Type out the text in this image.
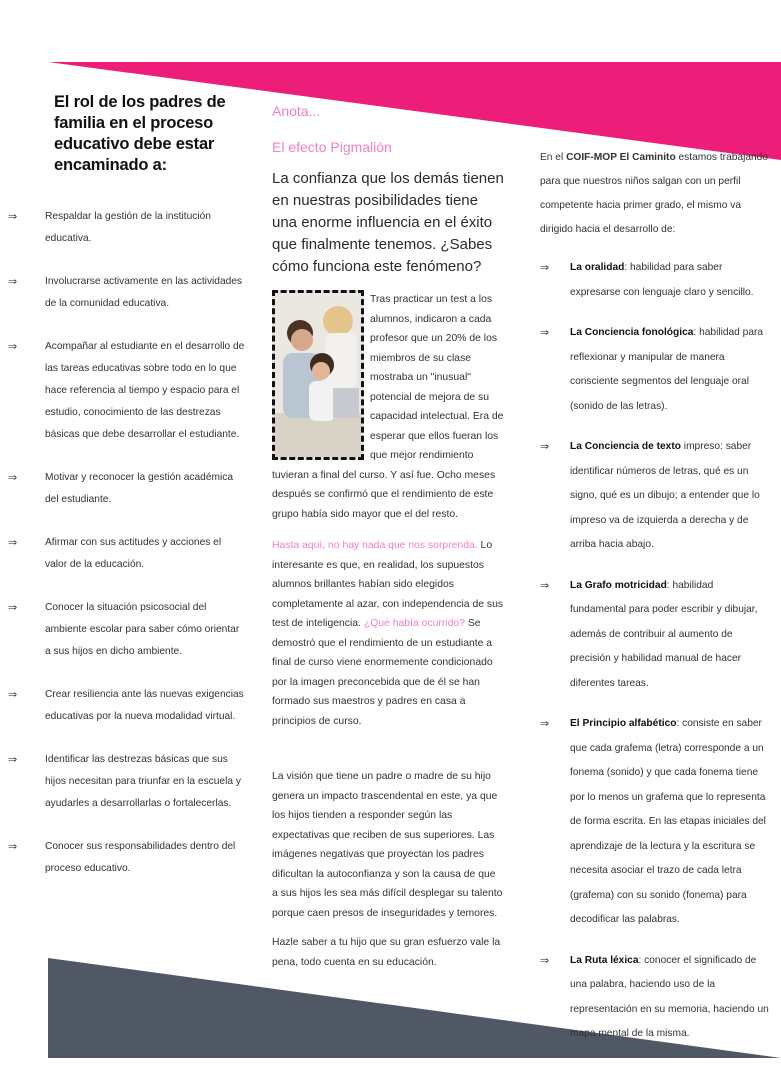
El rol de los padres de familia en el proceso educativo debe estar encaminado a:
⇒	Respaldar la gestión de la institución educativa.
⇒	Involucrarse activamente en las actividades de la comunidad educativa.
⇒	Acompañar al estudiante en el desarrollo de las tareas educativas sobre todo en lo que hace referencia al tiempo y espacio para el estudio, conocimiento de las destrezas básicas que debe desarrollar el estudiante.
⇒	Motivar y reconocer la gestión académica del estudiante.
⇒	Afirmar con sus actitudes y acciones el valor de la educación.
⇒	Conocer la situación psicosocial del ambiente escolar para saber cómo orientar a sus hijos en dicho ambiente.
⇒	Crear resiliencia ante las nuevas exigencias educativas por la nueva modalidad virtual.
⇒	Identificar las destrezas básicas que sus hijos necesitan para triunfar en la escuela y ayudarles a desarrollarlas o fortalecerlas.
⇒	Conocer sus responsabilidades dentro del proceso educativo.

Anota...

El efecto Pigmalión

La confianza que los demás tienen en nuestras posibilidades tiene una enorme influencia en el éxito que finalmente tenemos. ¿Sabes cómo funciona este fenómeno?

Tras practicar un test a los alumnos, indicaron a cada profesor que un 20% de los miembros de su clase mostraba un "inusual" potencial de mejora de su capacidad intelectual. Era de esperar que ellos fueran los que mejor rendimiento tuvieran a final del curso. Y así fue. Ocho meses después se confirmó que el rendimiento de este grupo había sido mayor que el del resto.

Hasta aquí, no hay nada que nos sorprenda. Lo interesante es que, en realidad, los supuestos alumnos brillantes habían sido elegidos completamente al azar, con independencia de sus test de inteligencia. ¿Qué había ocurrido? Se demostró que el rendimiento de un estudiante a final de curso viene enormemente condicionado por la imagen preconcebida que de él se han formado sus maestros y padres en casa a principios de curso.

La visión que tiene un padre o madre de su hijo genera un impacto trascendental en este, ya que los hijos tienden a responder según las expectativas que reciben de sus superiores. Las imágenes negativas que proyectan los padres dificultan la autoconfianza y son la causa de que a sus hijos les sea más difícil desplegar su talento porque caen presos de inseguridades y temores.

Hazle saber a tu hijo que su gran esfuerzo vale la pena, todo cuenta en su educación.

En el COIF-MOP El Caminito estamos trabajando para que nuestros niños salgan con un perfil competente hacia primer grado, el mismo va dirigido hacia el desarrollo de:

⇒ La oralidad: habilidad para saber expresarse con lenguaje claro y sencillo.
⇒ La Conciencia fonológica: habilidad para reflexionar y manipular de manera consciente segmentos del lenguaje oral (sonido de las letras).
⇒ La Conciencia de texto impreso: saber identificar números de letras, qué es un signo, qué es un dibujo; a entender que lo impreso va de izquierda a derecha y de arriba hacia abajo.
⇒ La Grafo motricidad: habilidad fundamental para poder escribir y dibujar, además de contribuir al aumento de precisión y habilidad manual de hacer diferentes tareas.
⇒ El Principio alfabético: consiste en saber que cada grafema (letra) corresponde a un fonema (sonido) y que cada fonema tiene por lo menos un grafema que lo representa de forma escrita. En las etapas iniciales del aprendizaje de la lectura y la escritura se necesita asociar el trazo de cada letra (grafema) con su sonido (fonema) para decodificar las palabras.
⇒ La Ruta léxica: conocer el significado de una palabra, haciendo uso de la representación en su memoria, haciendo un mapa mental de la misma.
